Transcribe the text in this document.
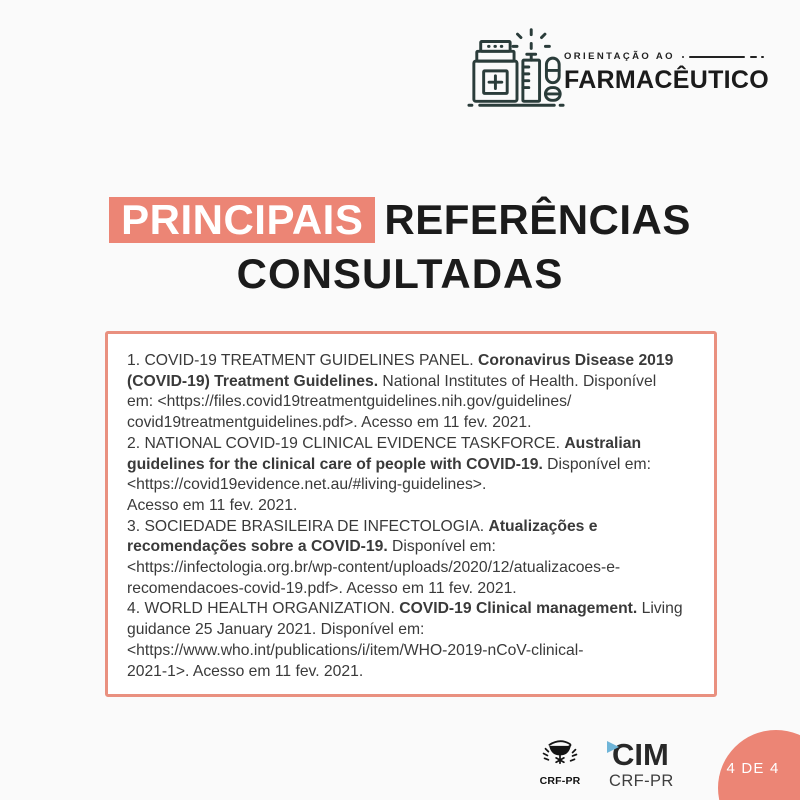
ORIENTAÇÃO AO
FARMACÊUTICO
PRINCIPAIS REFERÊNCIAS
CONSULTADAS
1. COVID-19 TREATMENT GUIDELINES PANEL. Coronavirus Disease 2019
(COVID-19) Treatment Guidelines. National Institutes of Health. Disponível
em: <https://files.covid19treatmentguidelines.nih.gov/guidelines/
covid19treatmentguidelines.pdf>. Acesso em 11 fev. 2021.
2. NATIONAL COVID-19 CLINICAL EVIDENCE TASKFORCE. Australian
guidelines for the clinical care of people with COVID-19. Disponível em:
<https://covid19evidence.net.au/#living-guidelines>.
Acesso em 11 fev. 2021.
3. SOCIEDADE BRASILEIRA DE INFECTOLOGIA. Atualizações e
recomendações sobre a COVID-19. Disponível em:
<https://infectologia.org.br/wp-content/uploads/2020/12/atualizacoes-e-
recomendacoes-covid-19.pdf>. Acesso em 11 fev. 2021.
4. WORLD HEALTH ORGANIZATION. COVID-19 Clinical management. Living
guidance 25 January 2021. Disponível em:
<https://www.who.int/publications/i/item/WHO-2019-nCoV-clinical-
2021-1>. Acesso em 11 fev. 2021.
CRF-PR
CIM
CRF-PR
4 DE 4
